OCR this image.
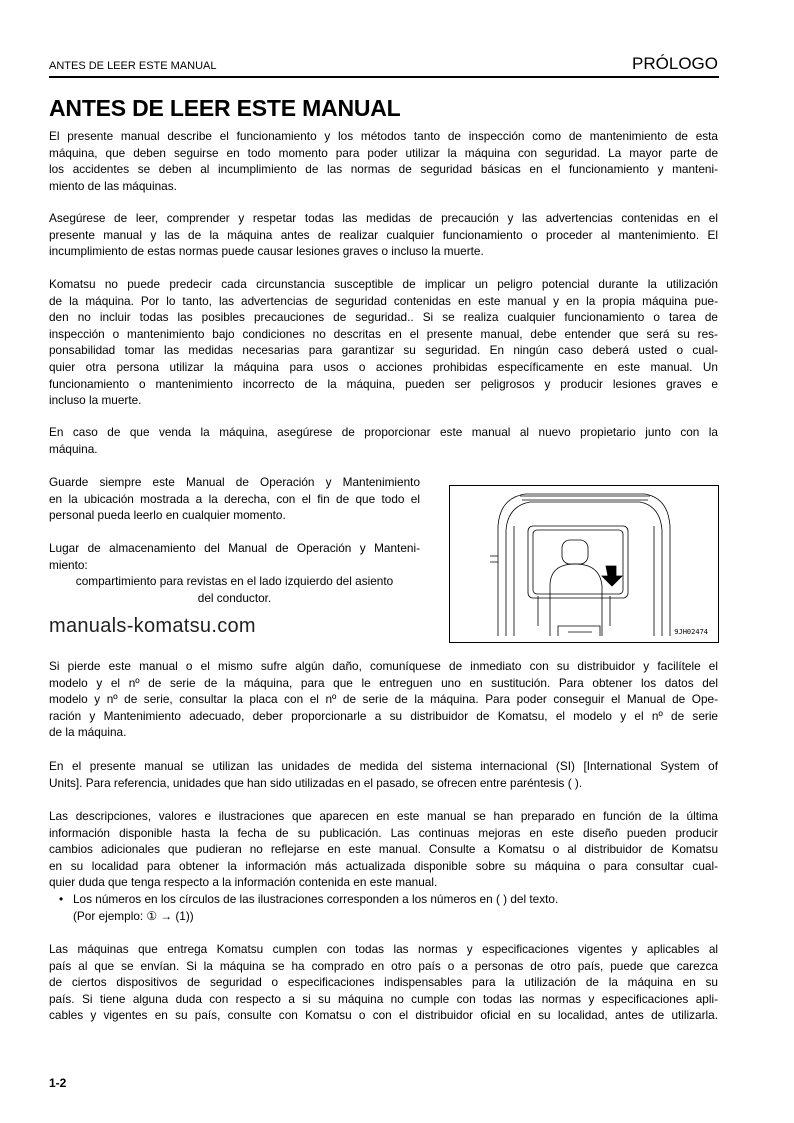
ANTES DE LEER ESTE MANUAL	PRÓLOGO
ANTES DE LEER ESTE MANUAL
El presente manual describe el funcionamiento y los métodos tanto de inspección como de mantenimiento de esta
máquina, que deben seguirse en todo momento para poder utilizar la máquina con seguridad. La mayor parte de
los accidentes se deben al incumplimiento de las normas de seguridad básicas en el funcionamiento y manteni-
miento de las máquinas.
Asegúrese de leer, comprender y respetar todas las medidas de precaución y las advertencias contenidas en el
presente manual y las de la máquina antes de realizar cualquier funcionamiento o proceder al mantenimiento. El
incumplimiento de estas normas puede causar lesiones graves o incluso la muerte.
Komatsu no puede predecir cada circunstancia susceptible de implicar un peligro potencial durante la utilización
de la máquina. Por lo tanto, las advertencias de seguridad contenidas en este manual y en la propia máquina pue-
den no incluir todas las posibles precauciones de seguridad.. Si se realiza cualquier funcionamiento o tarea de
inspección o mantenimiento bajo condiciones no descritas en el presente manual, debe entender que será su res-
ponsabilidad tomar las medidas necesarias para garantizar su seguridad. En ningún caso deberá usted o cual-
quier otra persona utilizar la máquina para usos o acciones prohibidas específicamente en este manual. Un
funcionamiento o mantenimiento incorrecto de la máquina, pueden ser peligrosos y producir lesiones graves e
incluso la muerte.
En caso de que venda la máquina, asegúrese de proporcionar este manual al nuevo propietario junto con la
máquina.
Guarde siempre este Manual de Operación y Mantenimiento
en la ubicación mostrada a la derecha, con el fin de que todo el
personal pueda leerlo en cualquier momento.
Lugar de almacenamiento del Manual de Operación y Manteni-
miento:
compartimiento para revistas en el lado izquierdo del asiento
del conductor.
manuals-komatsu.com	9JH02474
Si pierde este manual o el mismo sufre algún daño, comuníquese de inmediato con su distribuidor y facilítele el
modelo y el nº de serie de la máquina, para que le entreguen uno en sustitución. Para obtener los datos del
modelo y nº de serie, consultar la placa con el nº de serie de la máquina. Para poder conseguir el Manual de Ope-
ración y Mantenimiento adecuado, deber proporcionarle a su distribuidor de Komatsu, el modelo y el nº de serie
de la máquina.
En el presente manual se utilizan las unidades de medida del sistema internacional (SI) [International System of
Units]. Para referencia, unidades que han sido utilizadas en el pasado, se ofrecen entre paréntesis ( ).
Las descripciones, valores e ilustraciones que aparecen en este manual se han preparado en función de la última
información disponible hasta la fecha de su publicación. Las continuas mejoras en este diseño pueden producir
cambios adicionales que pudieran no reflejarse en este manual. Consulte a Komatsu o al distribuidor de Komatsu
en su localidad para obtener la información más actualizada disponible sobre su máquina o para consultar cual-
quier duda que tenga respecto a la información contenida en este manual.
• Los números en los círculos de las ilustraciones corresponden a los números en ( ) del texto.
(Por ejemplo: ① → (1))
Las máquinas que entrega Komatsu cumplen con todas las normas y especificaciones vigentes y aplicables al
país al que se envían. Si la máquina se ha comprado en otro país o a personas de otro país, puede que carezca
de ciertos dispositivos de seguridad o especificaciones indispensables para la utilización de la máquina en su
país. Si tiene alguna duda con respecto a si su máquina no cumple con todas las normas y especificaciones apli-
cables y vigentes en su país, consulte con Komatsu o con el distribuidor oficial en su localidad, antes de utilizarla.
1-2
